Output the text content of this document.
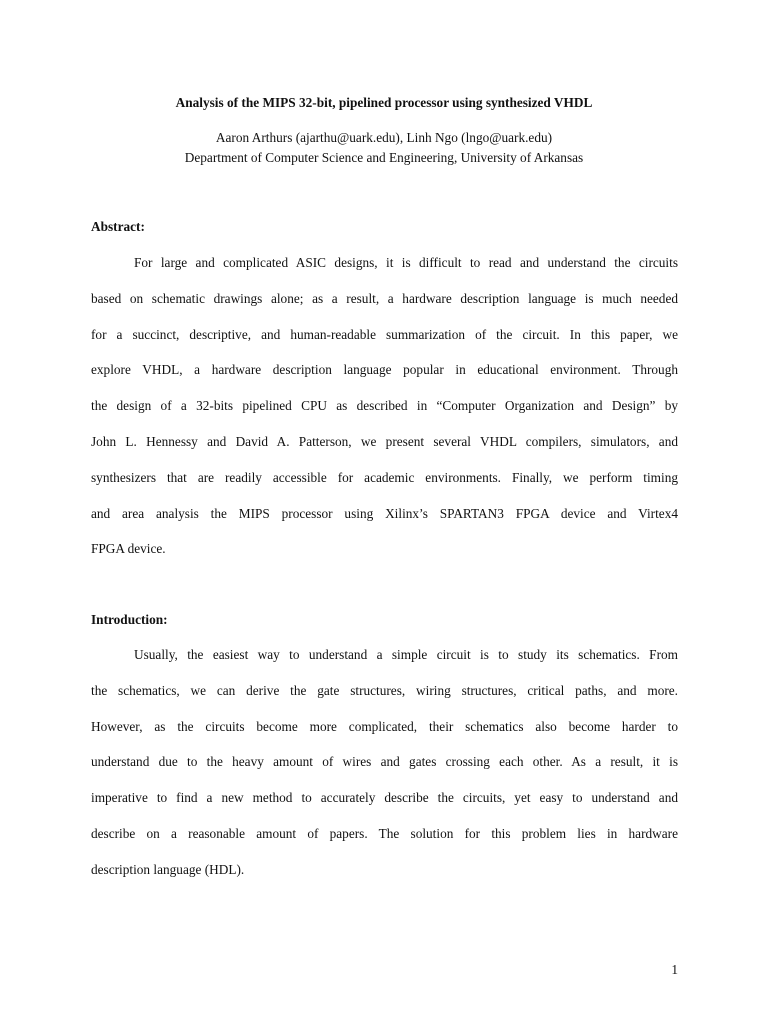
Analysis of the MIPS 32-bit, pipelined processor using synthesized VHDL
Aaron Arthurs (ajarthu@uark.edu), Linh Ngo (lngo@uark.edu)
Department of Computer Science and Engineering, University of Arkansas
Abstract:
For large and complicated ASIC designs, it is difficult to read and understand the circuits
based on schematic drawings alone; as a result, a hardware description language is much needed
for a succinct, descriptive, and human-readable summarization of the circuit. In this paper, we
explore VHDL, a hardware description language popular in educational environment. Through
the design of a 32-bits pipelined CPU as described in “Computer Organization and Design” by
John L. Hennessy and David A. Patterson, we present several VHDL compilers, simulators, and
synthesizers that are readily accessible for academic environments. Finally, we perform timing
and area analysis the MIPS processor using Xilinx’s SPARTAN3 FPGA device and Virtex4
FPGA device.
Introduction:
Usually, the easiest way to understand a simple circuit is to study its schematics. From
the schematics, we can derive the gate structures, wiring structures, critical paths, and more.
However, as the circuits become more complicated, their schematics also become harder to
understand due to the heavy amount of wires and gates crossing each other. As a result, it is
imperative to find a new method to accurately describe the circuits, yet easy to understand and
describe on a reasonable amount of papers. The solution for this problem lies in hardware
description language (HDL).
1
